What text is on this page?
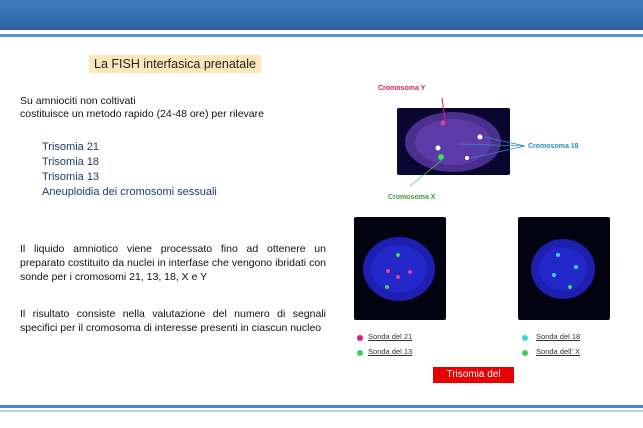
La FISH interfasica prenatale
Su amniociti non coltivati
costituisce un metodo rapido (24-48 ore) per rilevare
Trisomia 21
Trisomia 18
Trisomia 13
Aneuploidia dei cromosomi sessuali
Il liquido amniotico viene processato fino ad ottenere un preparato costituito da nuclei in interfase che vengono ibridati con sonde per i cromosomi 21, 13, 18, X e Y
Il risultato consiste nella valutazione del numero di segnali specifici per il cromosoma di interesse presenti in ciascun nucleo
Cromosoma Y
Cromosoma 18
Cromosoma X
Sonda del 21
Sonda del 13
Sonda del 18
Sonda dell' X
Trisomia del
